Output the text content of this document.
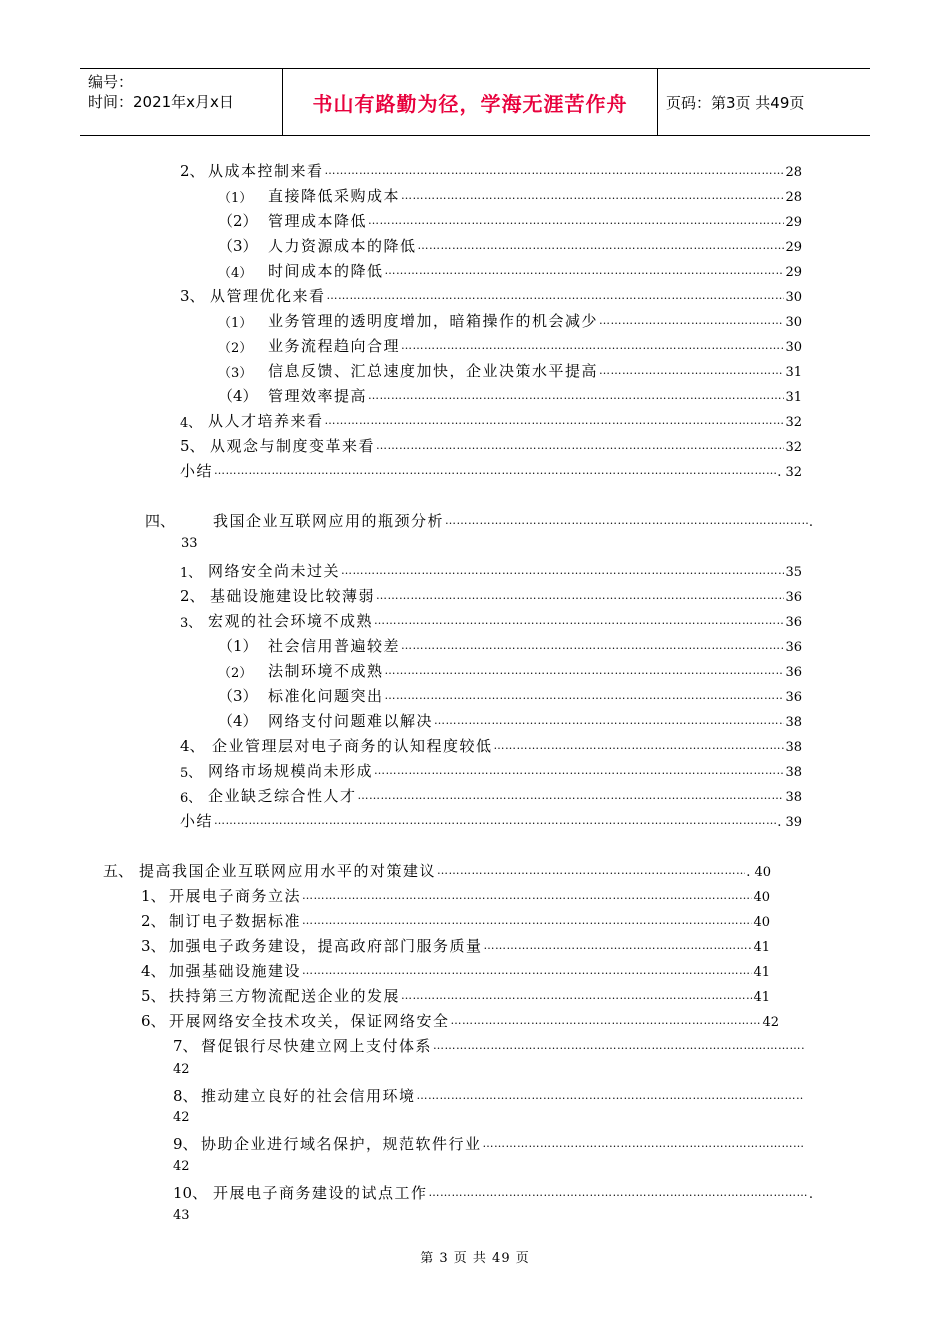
编号：
时间：2021年x月x日	书山有路勤为径，学海无涯苦作舟	页码：第3页 共49页
2、 从成本控制来看 …………………………………………………………………………………………………………………………………………………………………………………………………………………	28
（1）	直接降低采购成本 …………………………………………………………………………………………………………………………………………………………………………………………………………………	28
（2） 管理成本降低 …………………………………………………………………………………………………………………………………………………………………………………………………………………	29
（3） 人力资源成本的降低 …………………………………………………………………………………………………………………………………………………………………………………………………………………	29
（4）	时间成本的降低 …………………………………………………………………………………………………………………………………………………………………………………………………………………	29
3、 从管理优化来看 …………………………………………………………………………………………………………………………………………………………………………………………………………………	30
（1）	业务管理的透明度增加，暗箱操作的机会减少 …………………………………………………………………………………………………………………………………………………………………………………………………………………	30
（2）	业务流程趋向合理 …………………………………………………………………………………………………………………………………………………………………………………………………………………	30
（3）	信息反馈、汇总速度加快，企业决策水平提高 …………………………………………………………………………………………………………………………………………………………………………………………………………………	31
（4） 管理效率提高 …………………………………………………………………………………………………………………………………………………………………………………………………………………	31
4、 从人才培养来看 …………………………………………………………………………………………………………………………………………………………………………………………………………………	32
5、 从观念与制度变革来看 …………………………………………………………………………………………………………………………………………………………………………………………………………………	32
小结 …………………………………………………………………………………………………………………………………………………………………………………………………………………	. 32
四、	我国企业互联网应用的瓶颈分析 …………………………………………………………………………………………………………………………………………………………………………………………………………………	.
33
1、 网络安全尚未过关 …………………………………………………………………………………………………………………………………………………………………………………………………………………	35
2、 基础设施建设比较薄弱 …………………………………………………………………………………………………………………………………………………………………………………………………………………	36
3、 宏观的社会环境不成熟 …………………………………………………………………………………………………………………………………………………………………………………………………………………	36
（1） 社会信用普遍较差 …………………………………………………………………………………………………………………………………………………………………………………………………………………	36
（2）	法制环境不成熟 …………………………………………………………………………………………………………………………………………………………………………………………………………………	36
（3） 标准化问题突出 …………………………………………………………………………………………………………………………………………………………………………………………………………………	36
（4） 网络支付问题难以解决 …………………………………………………………………………………………………………………………………………………………………………………………………………………	38
4、 企业管理层对电子商务的认知程度较低 …………………………………………………………………………………………………………………………………………………………………………………………………………………	38
5、 网络市场规模尚未形成 …………………………………………………………………………………………………………………………………………………………………………………………………………………	38
6、 企业缺乏综合性人才 …………………………………………………………………………………………………………………………………………………………………………………………………………………	38
小结 …………………………………………………………………………………………………………………………………………………………………………………………………………………	. 39
五、 提高我国企业互联网应用水平的对策建议 …………………………………………………………………………………………………………………………………………………………………………………………………………………	. 40
1、 开展电子商务立法 …………………………………………………………………………………………………………………………………………………………………………………………………………………	40
2、 制订电子数据标准 …………………………………………………………………………………………………………………………………………………………………………………………………………………	40
3、 加强电子政务建设，提高政府部门服务质量 …………………………………………………………………………………………………………………………………………………………………………………………………………………	41
4、 加强基础设施建设 …………………………………………………………………………………………………………………………………………………………………………………………………………………	41
5、 扶持第三方物流配送企业的发展 …………………………………………………………………………………………………………………………………………………………………………………………………………………	41
6、 开展网络安全技术攻关，保证网络安全 …………………………………………………………………………………………………………………………………………………………………………………………………………………	42
7、 督促银行尽快建立网上支付体系
…………………………………………………………………………………………………………………………………………………………………………………………………………………
42
8、 推动建立良好的社会信用环境
…………………………………………………………………………………………………………………………………………………………………………………………………………………
42
9、 协助企业进行域名保护，规范软件行业
…………………………………………………………………………………………………………………………………………………………………………………………………………………
42
10、 开展电子商务建设的试点工作 …………………………………………………………………………………………………………………………………………………………………………………………………………………	.
43
第 3 页 共 49 页
